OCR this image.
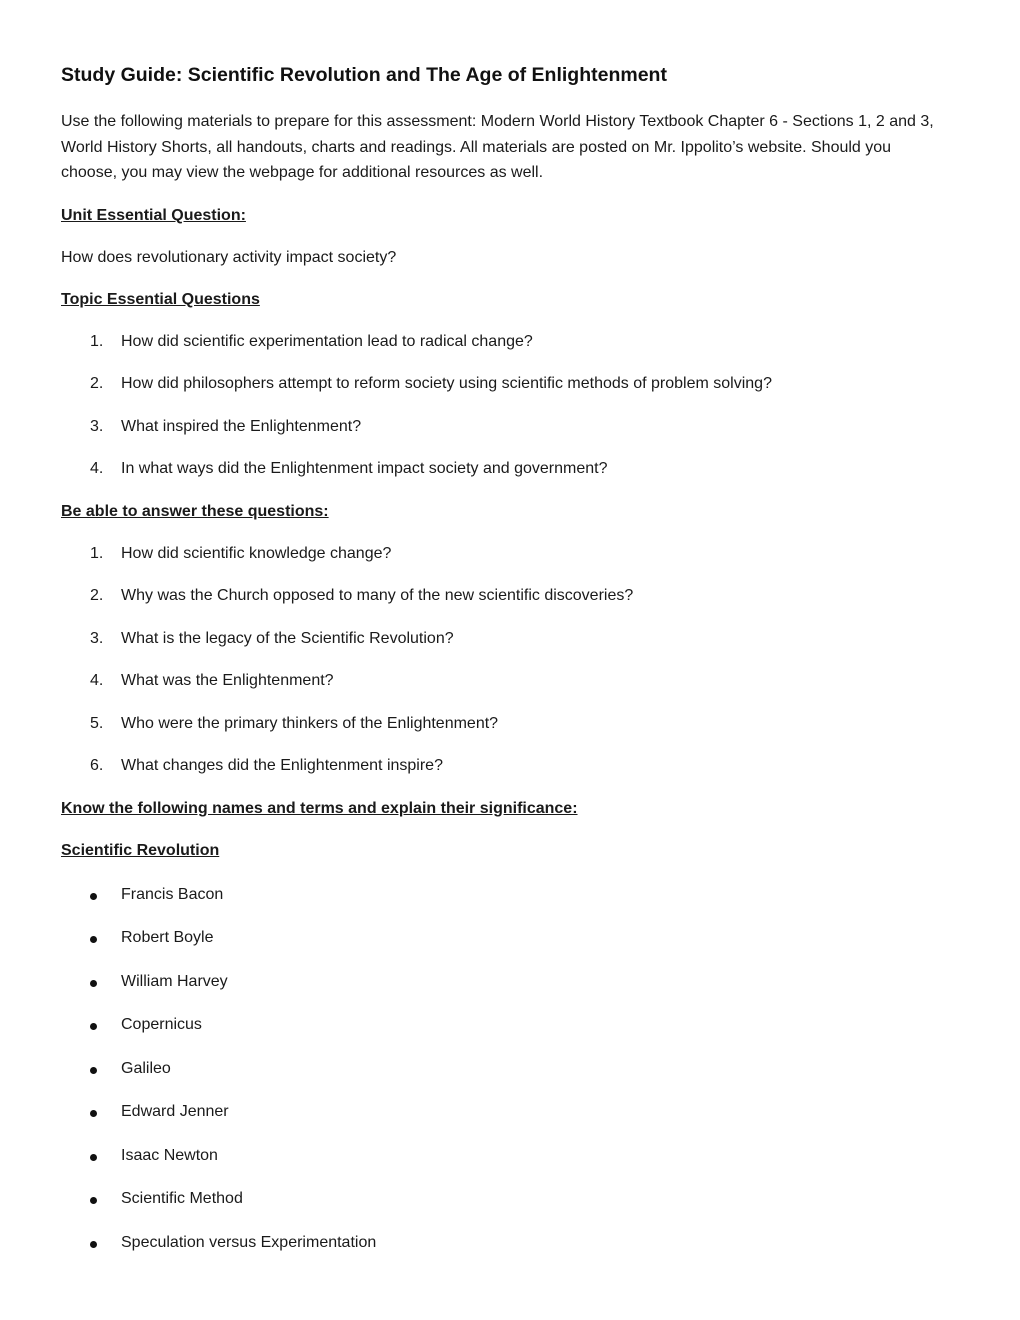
Study Guide: Scientific Revolution and The Age of Enlightenment

Use the following materials to prepare for this assessment: Modern World History Textbook Chapter 6 - Sections 1, 2 and 3, World History Shorts, all handouts, charts and readings. All materials are posted on Mr. Ippolito’s website. Should you choose, you may view the webpage for additional resources as well.

Unit Essential Question:

How does revolutionary activity impact society?

Topic Essential Questions

1. How did scientific experimentation lead to radical change?
2. How did philosophers attempt to reform society using scientific methods of problem solving?
3. What inspired the Enlightenment?
4. In what ways did the Enlightenment impact society and government?

Be able to answer these questions:

1. How did scientific knowledge change?
2. Why was the Church opposed to many of the new scientific discoveries?
3. What is the legacy of the Scientific Revolution?
4. What was the Enlightenment?
5. Who were the primary thinkers of the Enlightenment?
6. What changes did the Enlightenment inspire?

Know the following names and terms and explain their significance:

Scientific Revolution

Francis Bacon
Robert Boyle
William Harvey
Copernicus
Galileo
Edward Jenner
Isaac Newton
Scientific Method
Speculation versus Experimentation
